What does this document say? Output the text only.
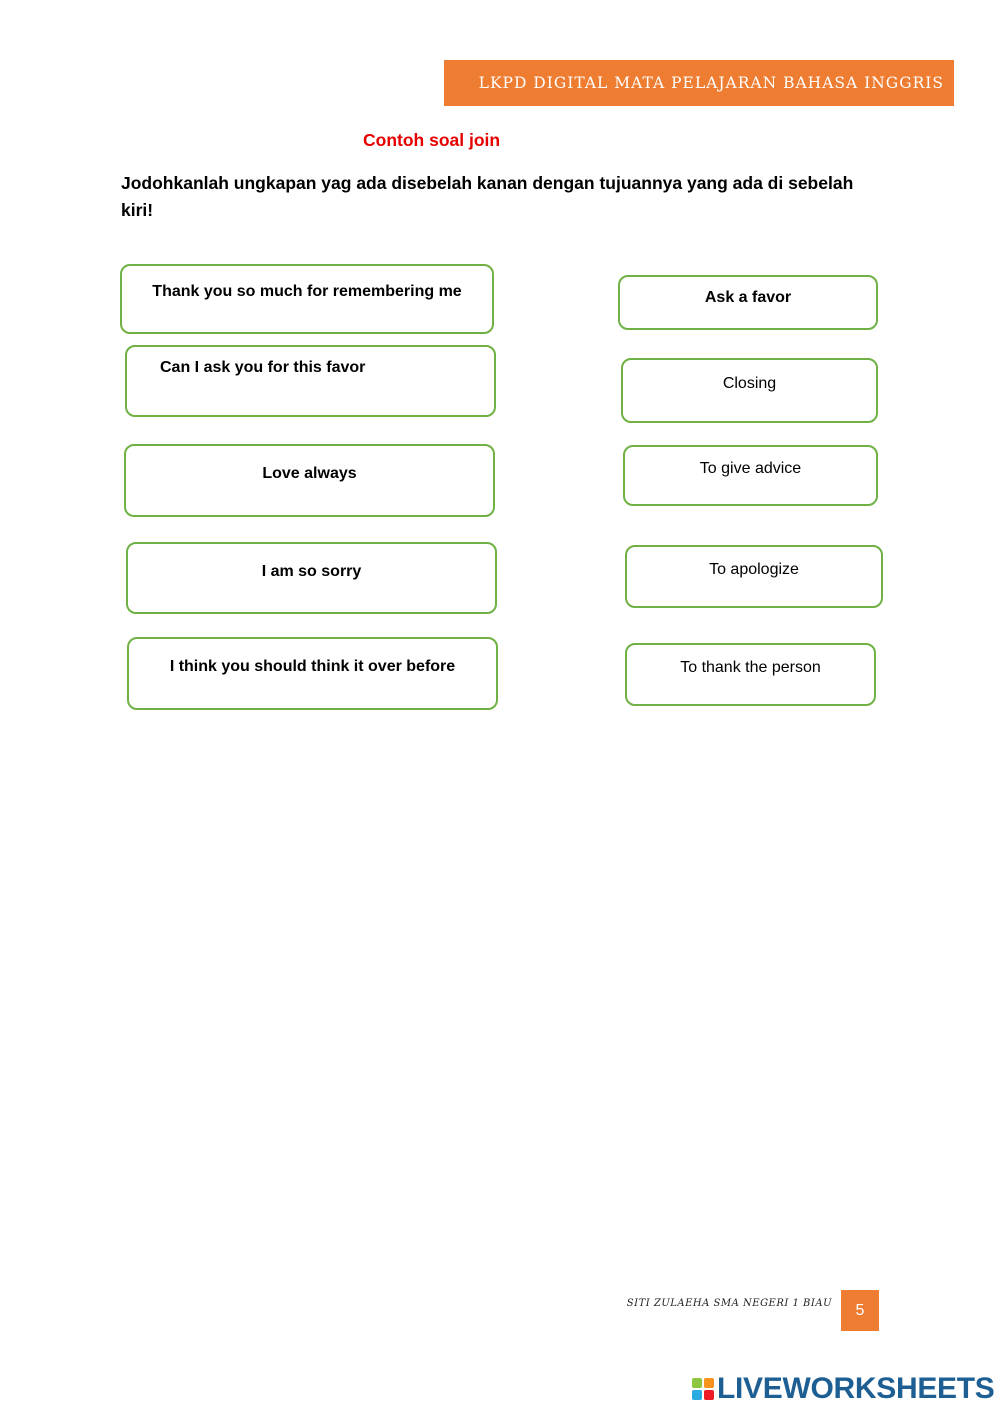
LKPD DIGITAL MATA PELAJARAN BAHASA INGGRIS
Contoh soal join
Jodohkanlah ungkapan yag ada disebelah kanan dengan tujuannya yang ada di sebelah kiri!
Thank you so much for remembering me
Can I ask you for this favor
Love always
I am so sorry
I think you should think it over before
Ask a favor
Closing
To give advice
To apologize
To thank the person
SITI ZULAEHA SMA NEGERI 1 BIAU 5
LIVEWORKSHEETS
